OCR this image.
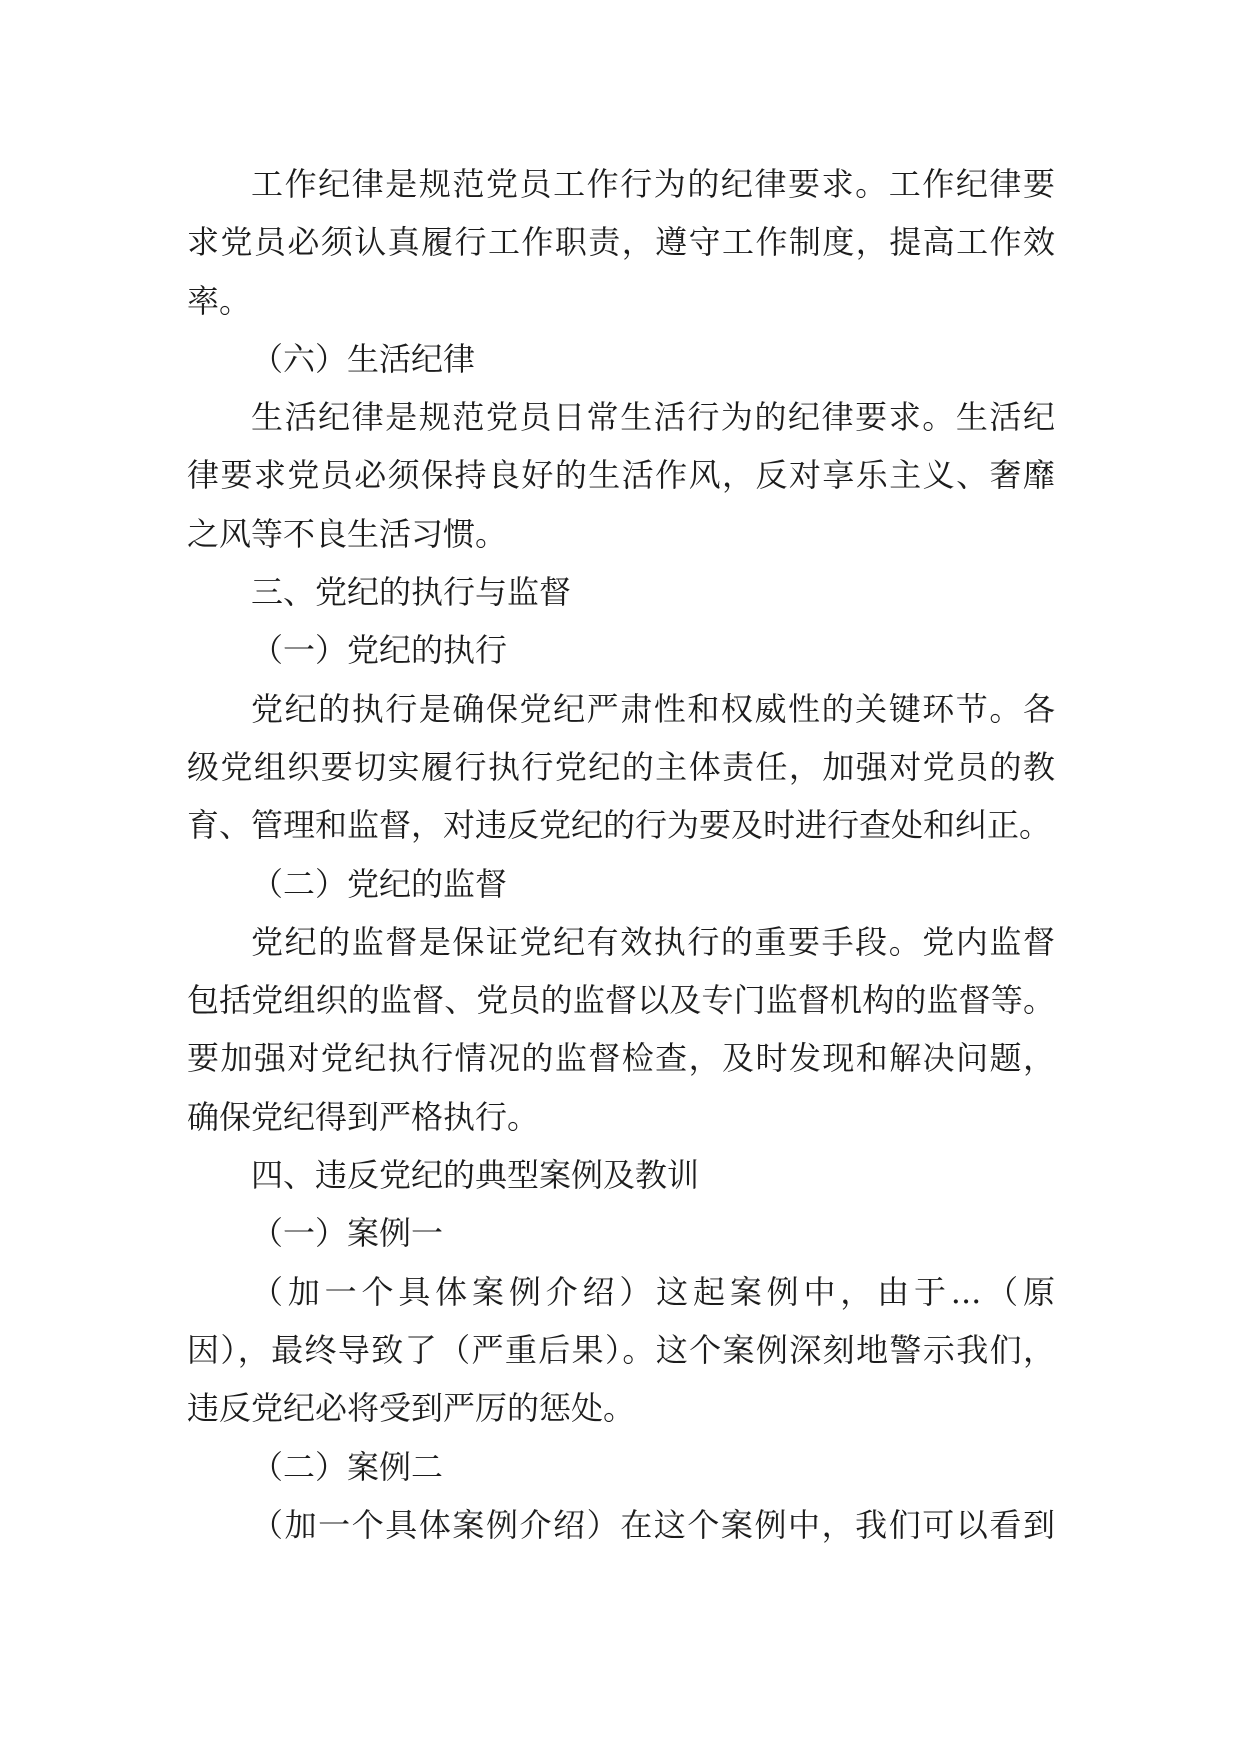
工作纪律是规范党员工作行为的纪律要求。工作纪律要
求党员必须认真履行工作职责，遵守工作制度，提高工作效
率。
（六）生活纪律
生活纪律是规范党员日常生活行为的纪律要求。生活纪
律要求党员必须保持良好的生活作风，反对享乐主义、奢靡
之风等不良生活习惯。
三、党纪的执行与监督
（一）党纪的执行
党纪的执行是确保党纪严肃性和权威性的关键环节。各
级党组织要切实履行执行党纪的主体责任，加强对党员的教
育、管理和监督，对违反党纪的行为要及时进行查处和纠正。
（二）党纪的监督
党纪的监督是保证党纪有效执行的重要手段。党内监督
包括党组织的监督、党员的监督以及专门监督机构的监督等。
要加强对党纪执行情况的监督检查，及时发现和解决问题，
确保党纪得到严格执行。
四、违反党纪的典型案例及教训
（一）案例一
（加一个具体案例介绍）这起案例中，由于...（原
因），最终导致了（严重后果）。这个案例深刻地警示我们，
违反党纪必将受到严厉的惩处。
（二）案例二
（加一个具体案例介绍）在这个案例中，我们可以看到
